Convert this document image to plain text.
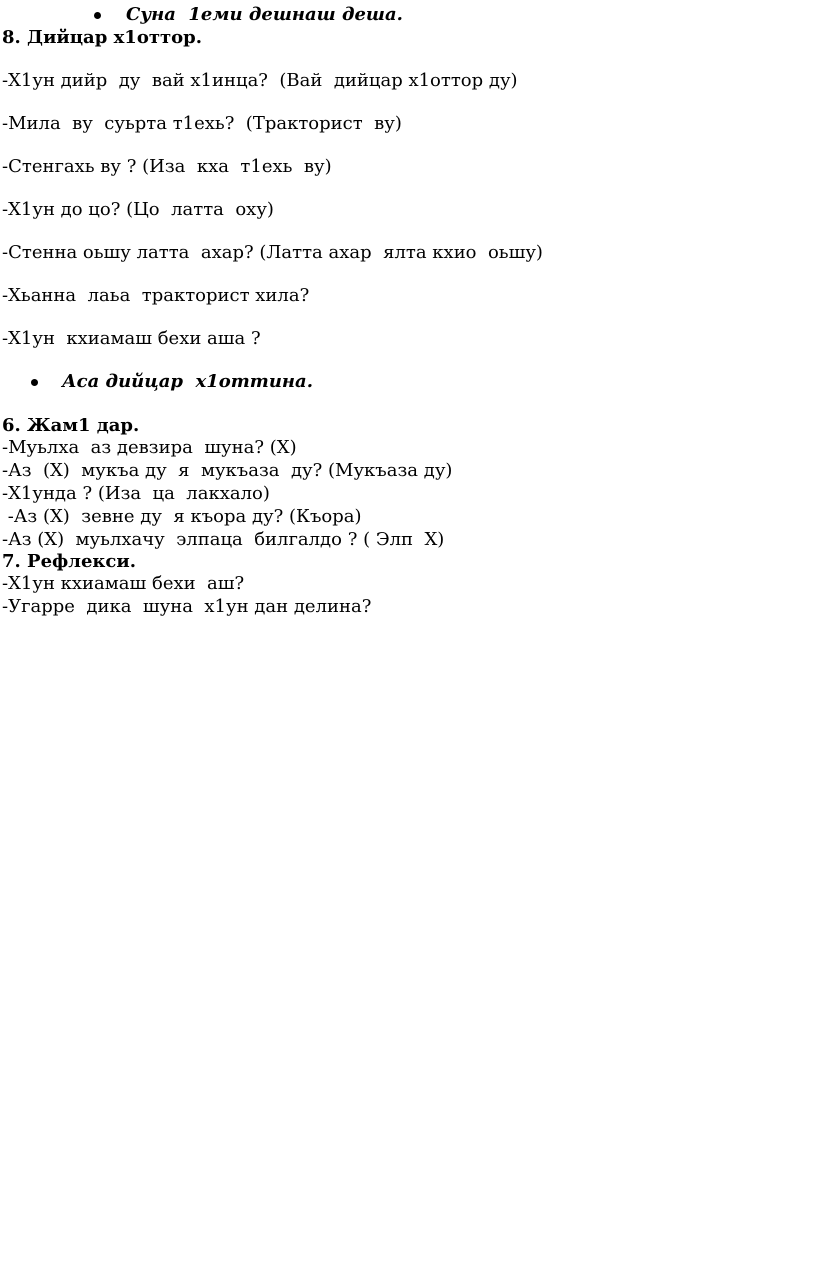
Суна  1еми дешнаш деша.
8. Дийцар х1оттор.
-Х1ун дийр  ду  вай х1инца?  (Вай  дийцар х1оттор ду)
-Мила  ву  суьрта т1ехь?  (Тракторист  ву)
-Стенгахь ву ? (Иза  кха  т1ехь  ву)
-Х1ун до цо? (Цо  латта  оху)
-Стенна оьшу латта  ахар? (Латта ахар  ялта кхио  оьшу)
-Хьанна  лаьа  тракторист хила?
-Х1ун  кхиамаш бехи аша ?
Аса дийцар  х1оттина.
6. Жам1 дар.
-Муьлха  аз девзира  шуна? (Х)
-Аз  (Х)  мукъа ду  я  мукъаза  ду? (Мукъаза ду)
-Х1унда ? (Иза  ца  лакхало)
-Аз (Х)  зевне ду  я къора ду? (Къора)
-Аз (Х)  муьлхачу  элпаца  билгалдо ? ( Элп  Х)
7. Рефлекси.
-Х1ун кхиамаш бехи  аш?
-Угарре  дика  шуна  х1ун дан делина?
